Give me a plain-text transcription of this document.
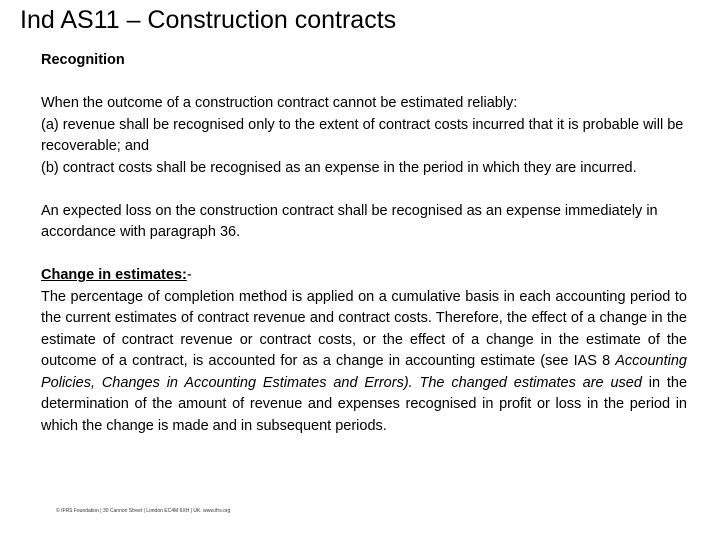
Ind AS11 – Construction contracts

Recognition

When the outcome of a construction contract cannot be estimated reliably:

(a) revenue shall be recognised only to the extent of contract costs incurred that it is probable will be recoverable; and

(b) contract costs shall be recognised as an expense in the period in which they are incurred.

An expected loss on the construction contract shall be recognised as an expense immediately in accordance with paragraph 36.

Change in estimates:-

The percentage of completion method is applied on a cumulative basis in each accounting period to the current estimates of contract revenue and contract costs. Therefore, the effect of a change in the estimate of contract revenue or contract costs, or the effect of a change in the estimate of the outcome of a contract, is accounted for as a change in accounting estimate (see IAS 8 Accounting Policies, Changes in Accounting Estimates and Errors). The changed estimates are used in the determination of the amount of revenue and expenses recognised in profit or loss in the period in which the change is made and in subsequent periods.

© IFRS Foundation | 30 Cannon Street | London EC4M 6XH | UK. www.ifrs.org
